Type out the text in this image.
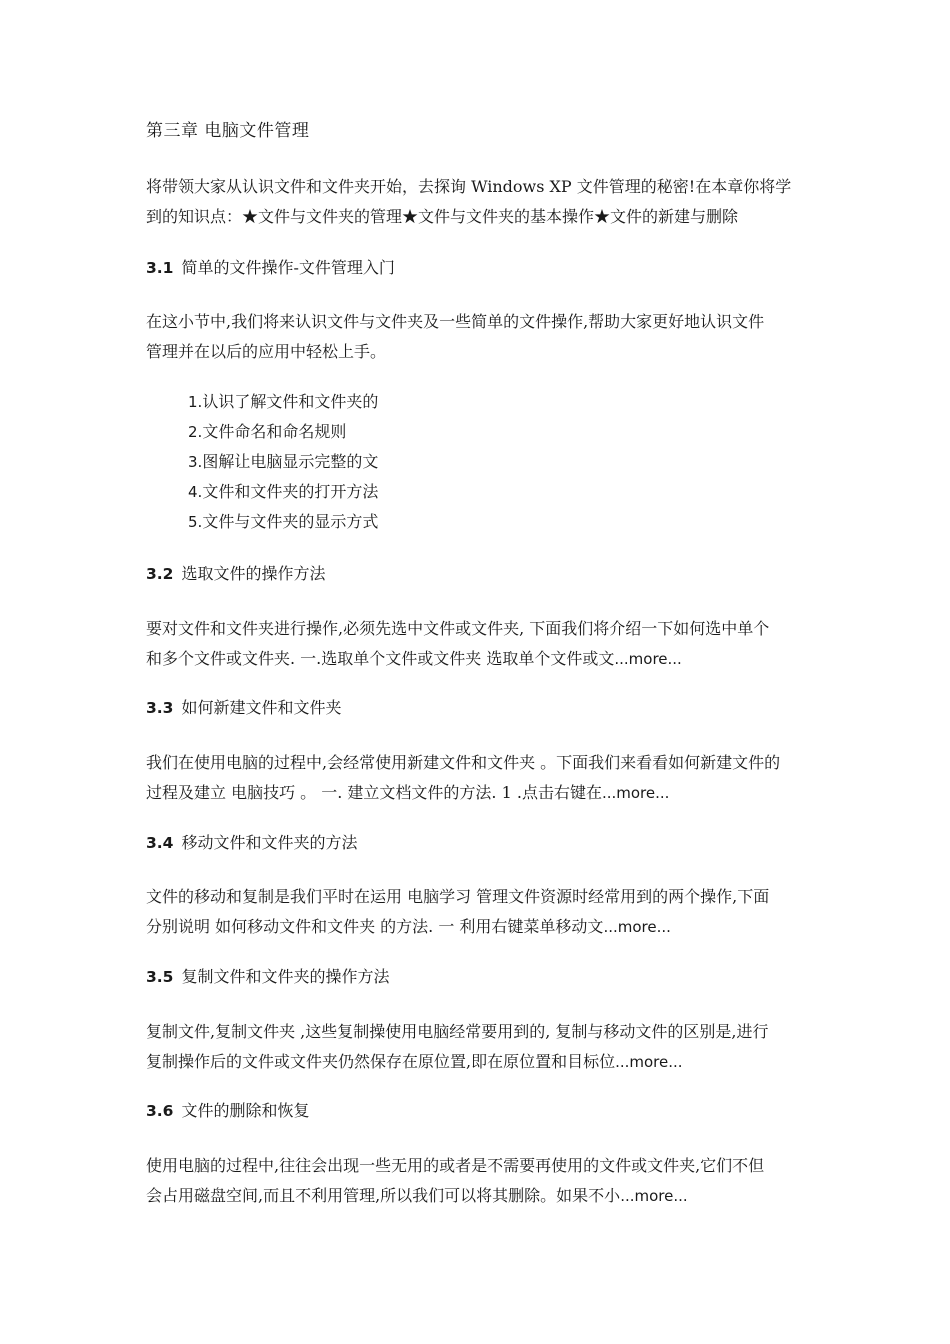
第三章 电脑文件管理
将带领大家从认识文件和文件夹开始，去探询 Windows XP 文件管理的秘密!在本章你将学
到的知识点：★文件与文件夹的管理★文件与文件夹的基本操作★文件的新建与删除
3.1 简单的文件操作-文件管理入门
在这小节中,我们将来认识文件与文件夹及一些简单的文件操作,帮助大家更好地认识文件
管理并在以后的应用中轻松上手。
1.认识了解文件和文件夹的
2.文件命名和命名规则
3.图解让电脑显示完整的文
4.文件和文件夹的打开方法
5.文件与文件夹的显示方式
3.2 选取文件的操作方法
要对文件和文件夹进行操作,必须先选中文件或文件夹, 下面我们将介绍一下如何选中单个
和多个文件或文件夹. 一.选取单个文件或文件夹 选取单个文件或文...more...
3.3 如何新建文件和文件夹
我们在使用电脑的过程中,会经常使用新建文件和文件夹 。下面我们来看看如何新建文件的
过程及建立 电脑技巧 。 一. 建立文档文件的方法. 1 .点击右键在...more...
3.4 移动文件和文件夹的方法
文件的移动和复制是我们平时在运用 电脑学习 管理文件资源时经常用到的两个操作,下面
分别说明 如何移动文件和文件夹 的方法. 一 利用右键菜单移动文...more...
3.5 复制文件和文件夹的操作方法
复制文件,复制文件夹 ,这些复制操使用电脑经常要用到的, 复制与移动文件的区别是,进行
复制操作后的文件或文件夹仍然保存在原位置,即在原位置和目标位...more...
3.6 文件的删除和恢复
使用电脑的过程中,往往会出现一些无用的或者是不需要再使用的文件或文件夹,它们不但
会占用磁盘空间,而且不利用管理,所以我们可以将其删除。如果不小...more...
